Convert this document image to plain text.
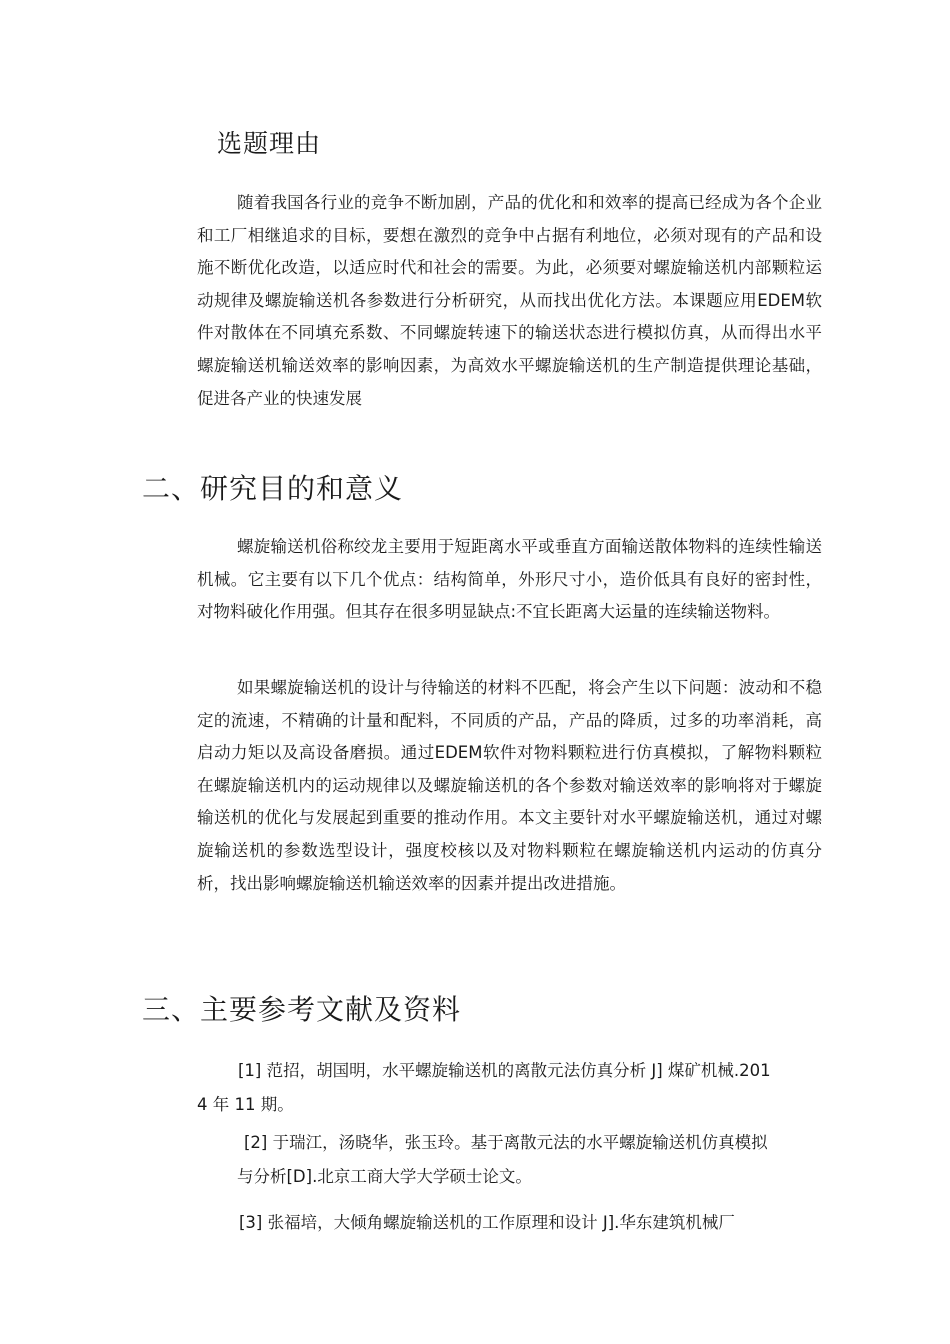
选题理由

随着我国各行业的竞争不断加剧，产品的优化和和效率的提高已经成为各个企业和工厂相继追求的目标，要想在激烈的竞争中占据有利地位，必须对现有的产品和设施不断优化改造，以适应时代和社会的需要。为此，必须要对螺旋输送机内部颗粒运动规律及螺旋输送机各参数进行分析研究，从而找出优化方法。本课题应用EDEM软件对散体在不同填充系数、不同螺旋转速下的输送状态进行模拟仿真，从而得出水平螺旋输送机输送效率的影响因素，为高效水平螺旋输送机的生产制造提供理论基础，促进各产业的快速发展

二、研究目的和意义

螺旋输送机俗称绞龙主要用于短距离水平或垂直方面输送散体物料的连续性输送机械。它主要有以下几个优点：结构简单，外形尺寸小，造价低具有良好的密封性，对物料破化作用强。但其存在很多明显缺点:不宜长距离大运量的连续输送物料。

如果螺旋输送机的设计与待输送的材料不匹配，将会产生以下问题：波动和不稳定的流速，不精确的计量和配料，不同质的产品，产品的降质，过多的功率消耗，高启动力矩以及高设备磨损。通过EDEM软件对物料颗粒进行仿真模拟，了解物料颗粒在螺旋输送机内的运动规律以及螺旋输送机的各个参数对输送效率的影响将对于螺旋输送机的优化与发展起到重要的推动作用。本文主要针对水平螺旋输送机，通过对螺旋输送机的参数选型设计，强度校核以及对物料颗粒在螺旋输送机内运动的仿真分析，找出影响螺旋输送机输送效率的因素并提出改进措施。

三、主要参考文献及资料

[1] 范招，胡国明，水平螺旋输送机的离散元法仿真分析 J] 煤矿机械.201

4 年 11 期。

[2] 于瑞江，汤晓华，张玉玲。基于离散元法的水平螺旋输送机仿真模拟

与分析[D].北京工商大学大学硕士论文。

[3] 张福培，大倾角螺旋输送机的工作原理和设计 J].华东建筑机械厂
